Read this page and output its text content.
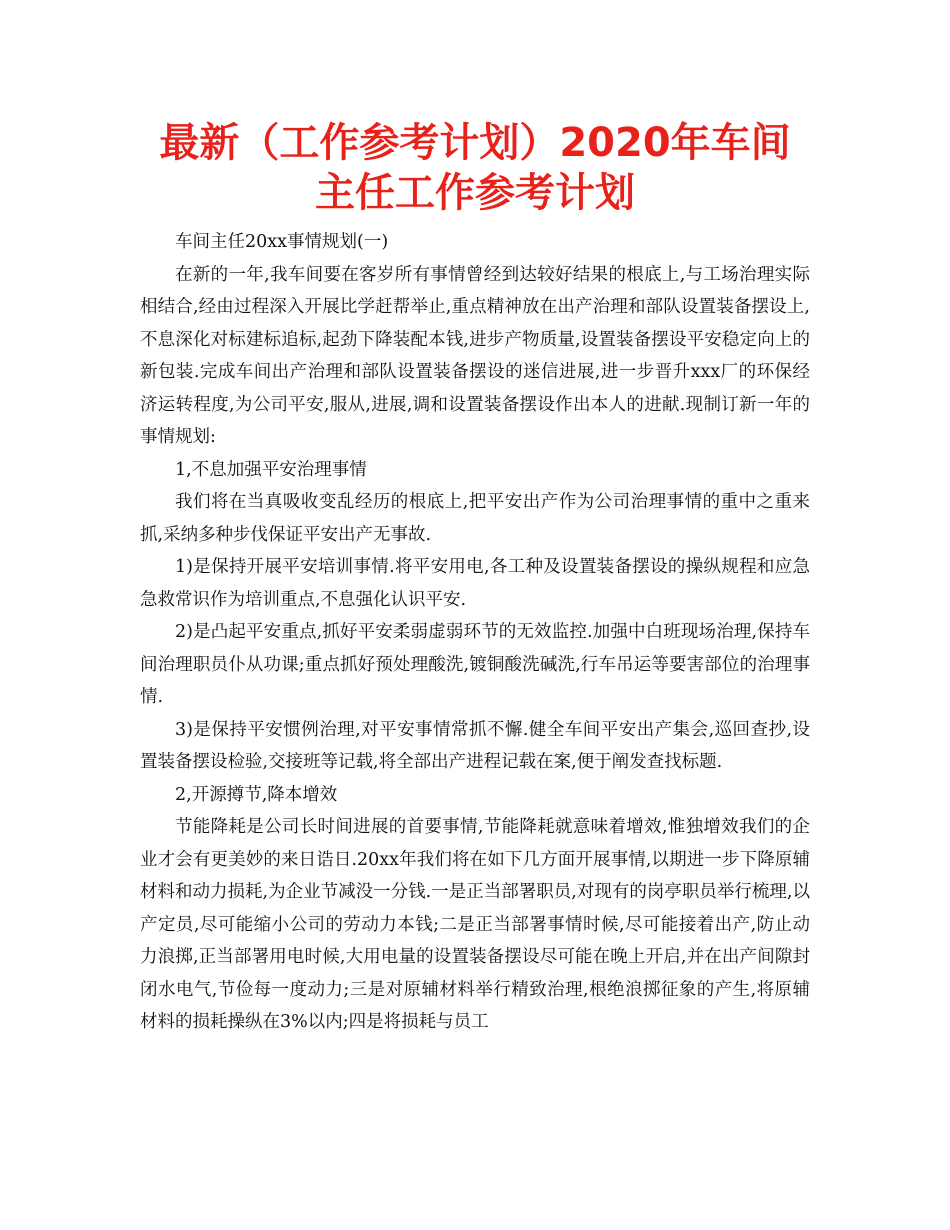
最新（工作参考计划）2020年车间主任工作参考计划

车间主任20xx事情规划(一)

在新的一年,我车间要在客岁所有事情曾经到达较好结果的根底上,与工场治理实际相结合,经由过程深入开展比学赶帮举止,重点精神放在出产治理和部队设置装备摆设上,不息深化对标建标追标,起劲下降装配本钱,进步产物质量,设置装备摆设平安稳定向上的新包装.完成车间出产治理和部队设置装备摆设的迷信进展,进一步晋升xxx厂的环保经济运转程度,为公司平安,服从,进展,调和设置装备摆设作出本人的进献.现制订新一年的事情规划:

1,不息加强平安治理事情

我们将在当真吸收变乱经历的根底上,把平安出产作为公司治理事情的重中之重来抓,采纳多种步伐保证平安出产无事故.

1)是保持开展平安培训事情.将平安用电,各工种及设置装备摆设的操纵规程和应急急救常识作为培训重点,不息强化认识平安.

2)是凸起平安重点,抓好平安柔弱虚弱环节的无效监控.加强中白班现场治理,保持车间治理职员仆从功课;重点抓好预处理酸洗,镀铜酸洗碱洗,行车吊运等要害部位的治理事情.

3)是保持平安惯例治理,对平安事情常抓不懈.健全车间平安出产集会,巡回查抄,设置装备摆设检验,交接班等记载,将全部出产进程记载在案,便于阐发查找标题.

2,开源撙节,降本增效

节能降耗是公司长时间进展的首要事情,节能降耗就意味着增效,惟独增效我们的企业才会有更美妙的来日诰日.20xx年我们将在如下几方面开展事情,以期进一步下降原辅材料和动力损耗,为企业节减没一分钱.一是正当部署职员,对现有的岗亭职员举行梳理,以产定员,尽可能缩小公司的劳动力本钱;二是正当部署事情时候,尽可能接着出产,防止动力浪掷,正当部署用电时候,大用电量的设置装备摆设尽可能在晚上开启,并在出产间隙封闭水电气,节俭每一度动力;三是对原辅材料举行精致治理,根绝浪掷征象的产生,将原辅材料的损耗操纵在3%以内;四是将损耗与员工
